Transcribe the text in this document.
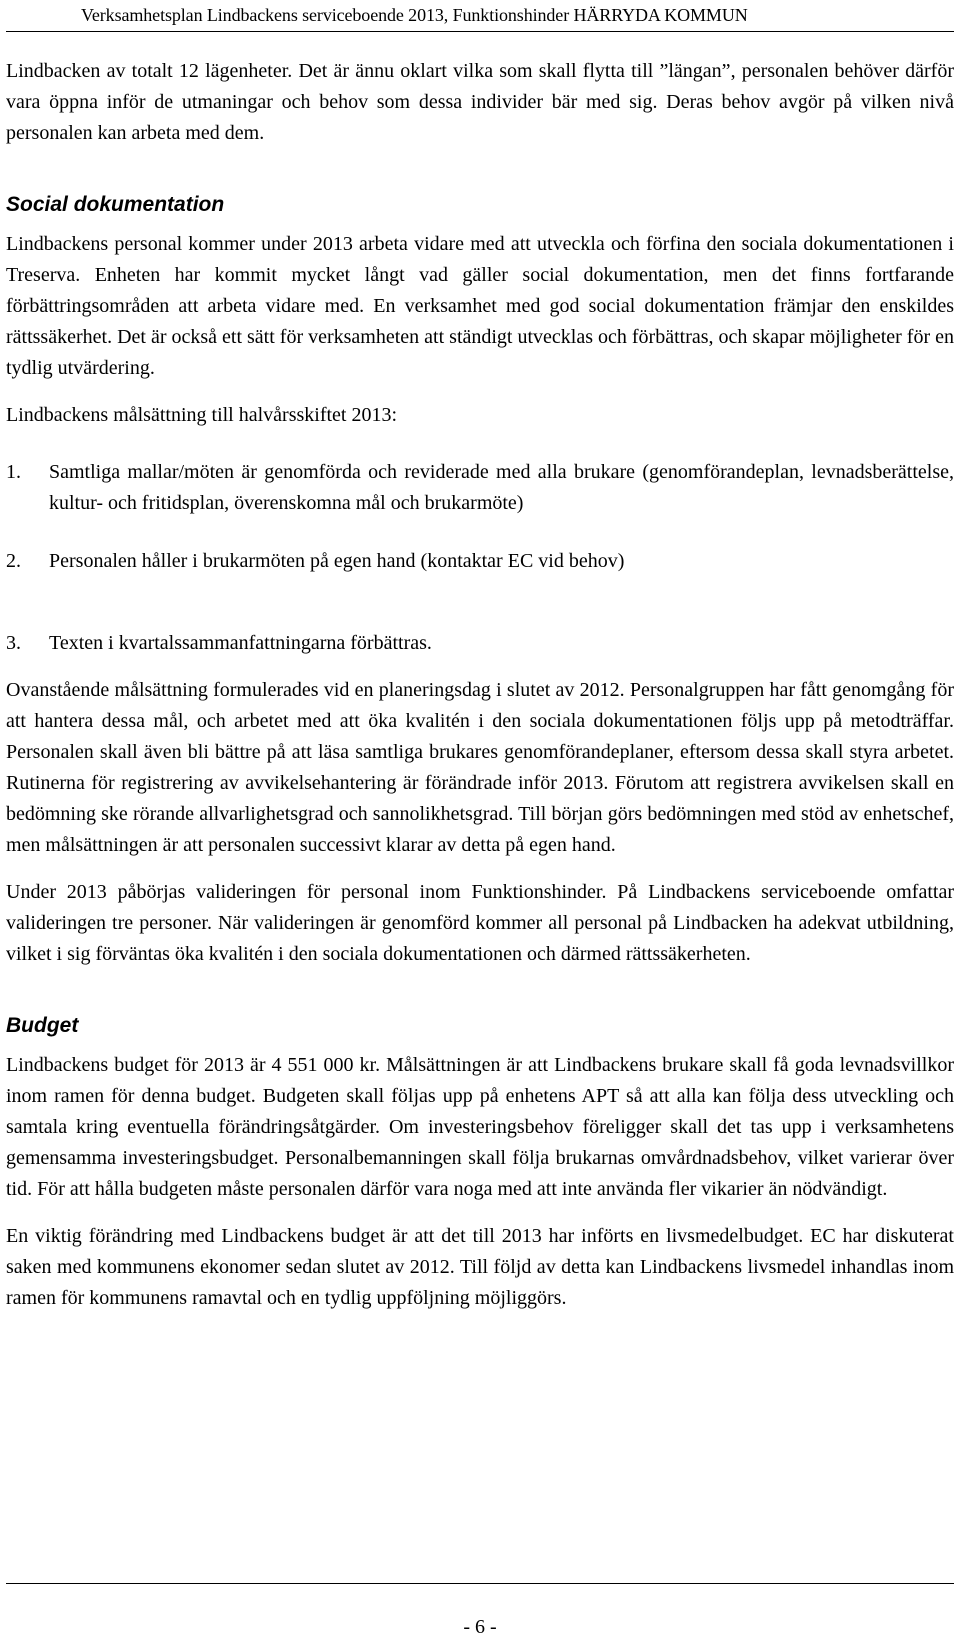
Verksamhetsplan Lindbackens serviceboende 2013, Funktionshinder HÄRRYDA KOMMUN

Lindbacken av totalt 12 lägenheter. Det är ännu oklart vilka som skall flytta till ”längan”, personalen behöver därför vara öppna inför de utmaningar och behov som dessa individer bär med sig. Deras behov avgör på vilken nivå personalen kan arbeta med dem.

Social dokumentation

Lindbackens personal kommer under 2013 arbeta vidare med att utveckla och förfina den sociala dokumentationen i Treserva. Enheten har kommit mycket långt vad gäller social dokumentation, men det finns fortfarande förbättringsområden att arbeta vidare med. En verksamhet med god social dokumentation främjar den enskildes rättssäkerhet. Det är också ett sätt för verksamheten att ständigt utvecklas och förbättras, och skapar möjligheter för en tydlig utvärdering.

Lindbackens målsättning till halvårsskiftet 2013:

1. Samtliga mallar/möten är genomförda och reviderade med alla brukare (genomförandeplan, levnadsberättelse, kultur- och fritidsplan, överenskomna mål och brukarmöte)
2. Personalen håller i brukarmöten på egen hand (kontaktar EC vid behov)
3. Texten i kvartalssammanfattningarna förbättras.

Ovanstående målsättning formulerades vid en planeringsdag i slutet av 2012. Personalgruppen har fått genomgång för att hantera dessa mål, och arbetet med att öka kvalitén i den sociala dokumentationen följs upp på metodträffar. Personalen skall även bli bättre på att läsa samtliga brukares genomförandeplaner, eftersom dessa skall styra arbetet. Rutinerna för registrering av avvikelsehantering är förändrade inför 2013. Förutom att registrera avvikelsen skall en bedömning ske rörande allvarlighetsgrad och sannolikhetsgrad. Till början görs bedömningen med stöd av enhetschef, men målsättningen är att personalen successivt klarar av detta på egen hand.

Under 2013 påbörjas valideringen för personal inom Funktionshinder. På Lindbackens serviceboende omfattar valideringen tre personer. När valideringen är genomförd kommer all personal på Lindbacken ha adekvat utbildning, vilket i sig förväntas öka kvalitén i den sociala dokumentationen och därmed rättssäkerheten.

Budget

Lindbackens budget för 2013 är 4 551 000 kr. Målsättningen är att Lindbackens brukare skall få goda levnadsvillkor inom ramen för denna budget. Budgeten skall följas upp på enhetens APT så att alla kan följa dess utveckling och samtala kring eventuella förändringsåtgärder. Om investeringsbehov föreligger skall det tas upp i verksamhetens gemensamma investeringsbudget. Personalbemanningen skall följa brukarnas omvårdnadsbehov, vilket varierar över tid. För att hålla budgeten måste personalen därför vara noga med att inte använda fler vikarier än nödvändigt.

En viktig förändring med Lindbackens budget är att det till 2013 har införts en livsmedelbudget. EC har diskuterat saken med kommunens ekonomer sedan slutet av 2012. Till följd av detta kan Lindbackens livsmedel inhandlas inom ramen för kommunens ramavtal och en tydlig uppföljning möjliggörs.

- 6 -
